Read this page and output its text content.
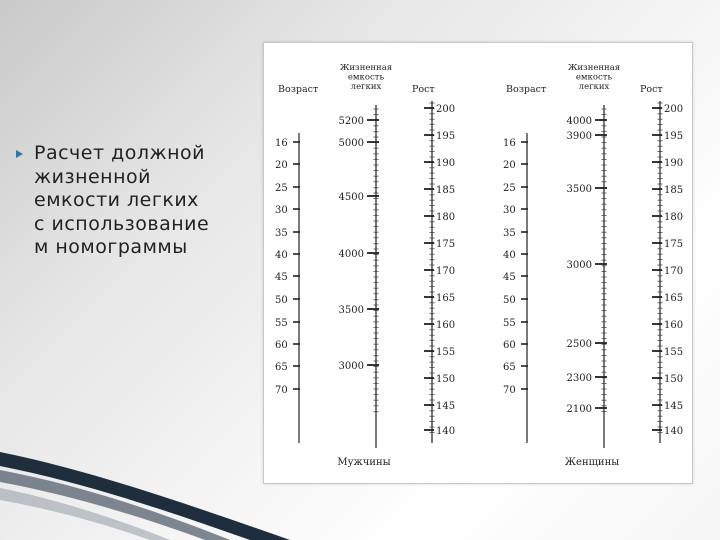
Расчет должной
жизненной
емкости легких
с использование
м номограммы
Возраст
Жизненная
емкость
легких	Рост
16
20
25
30
35
40
45
50
55
60
65
70
5200
5000
4500
4000
3500
3000
200
195
190
185
180
175
170
165
160
155
150
145
140
Мужчины
Возраст
Жизненная
емкость
легких	Рост
16
20
25
30
35
40
45
50
55
60
65
70
4000
3900
3500
3000
2500
2300
2100
200
195
190
185
180
175
170
165
160
155
150
145
140
Женщины
